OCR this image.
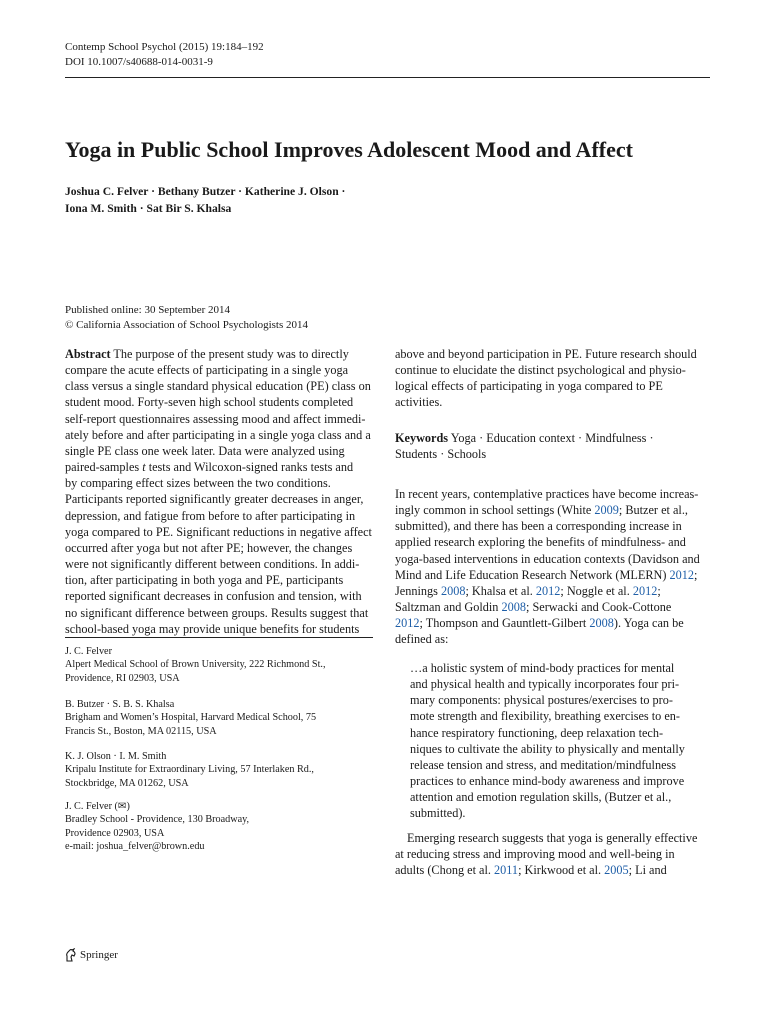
Contemp School Psychol (2015) 19:184–192
DOI 10.1007/s40688-014-0031-9
Yoga in Public School Improves Adolescent Mood and Affect
Joshua C. Felver · Bethany Butzer · Katherine J. Olson ·
Iona M. Smith · Sat Bir S. Khalsa
Published online: 30 September 2014
© California Association of School Psychologists 2014

Abstract The purpose of the present study was to directly

compare the acute effects of participating in a single yoga

class versus a single standard physical education (PE) class on

student mood. Forty-seven high school students completed

self-report questionnaires assessing mood and affect immedi-

ately before and after participating in a single yoga class and a

single PE class one week later. Data were analyzed using

paired-samples t tests and Wilcoxon-signed ranks tests and

by comparing effect sizes between the two conditions.

Participants reported significantly greater decreases in anger,

depression, and fatigue from before to after participating in

yoga compared to PE. Significant reductions in negative affect

occurred after yoga but not after PE; however, the changes

were not significantly different between conditions. In addi-

tion, after participating in both yoga and PE, participants

reported significant decreases in confusion and tension, with

no significant difference between groups. Results suggest that

school-based yoga may provide unique benefits for students

J. C. Felver
Alpert Medical School of Brown University, 222 Richmond St.,
Providence, RI 02903, USA
B. Butzer · S. B. S. Khalsa
Brigham and Women’s Hospital, Harvard Medical School, 75
Francis St., Boston, MA 02115, USA
K. J. Olson · I. M. Smith
Kripalu Institute for Extraordinary Living, 57 Interlaken Rd.,
Stockbridge, MA 01262, USA
J. C. Felver (✉)
Bradley School - Providence, 130 Broadway,
Providence 02903, USA
e-mail: joshua_felver@brown.edu

above and beyond participation in PE. Future research should

continue to elucidate the distinct psychological and physio-

logical effects of participating in yoga compared to PE

activities.

Keywords Yoga · Education context · Mindfulness ·

Students · Schools

In recent years, contemplative practices have become increas-

ingly common in school settings (White 2009; Butzer et al.,

submitted), and there has been a corresponding increase in

applied research exploring the benefits of mindfulness- and

yoga-based interventions in education contexts (Davidson and

Mind and Life Education Research Network (MLERN) 2012;

Jennings 2008; Khalsa et al. 2012; Noggle et al. 2012;

Saltzman and Goldin 2008; Serwacki and Cook-Cottone

2012; Thompson and Gauntlett-Gilbert 2008). Yoga can be

defined as:

…a holistic system of mind-body practices for mental
and physical health and typically incorporates four pri-
mary components: physical postures/exercises to pro-
mote strength and flexibility, breathing exercises to en-
hance respiratory functioning, deep relaxation tech-
niques to cultivate the ability to physically and mentally
release tension and stress, and meditation/mindfulness
practices to enhance mind-body awareness and improve
attention and emotion regulation skills, (Butzer et al.,
submitted).

Emerging research suggests that yoga is generally effective

at reducing stress and improving mood and well-being in

adults (Chong et al. 2011; Kirkwood et al. 2005; Li and

Springer
